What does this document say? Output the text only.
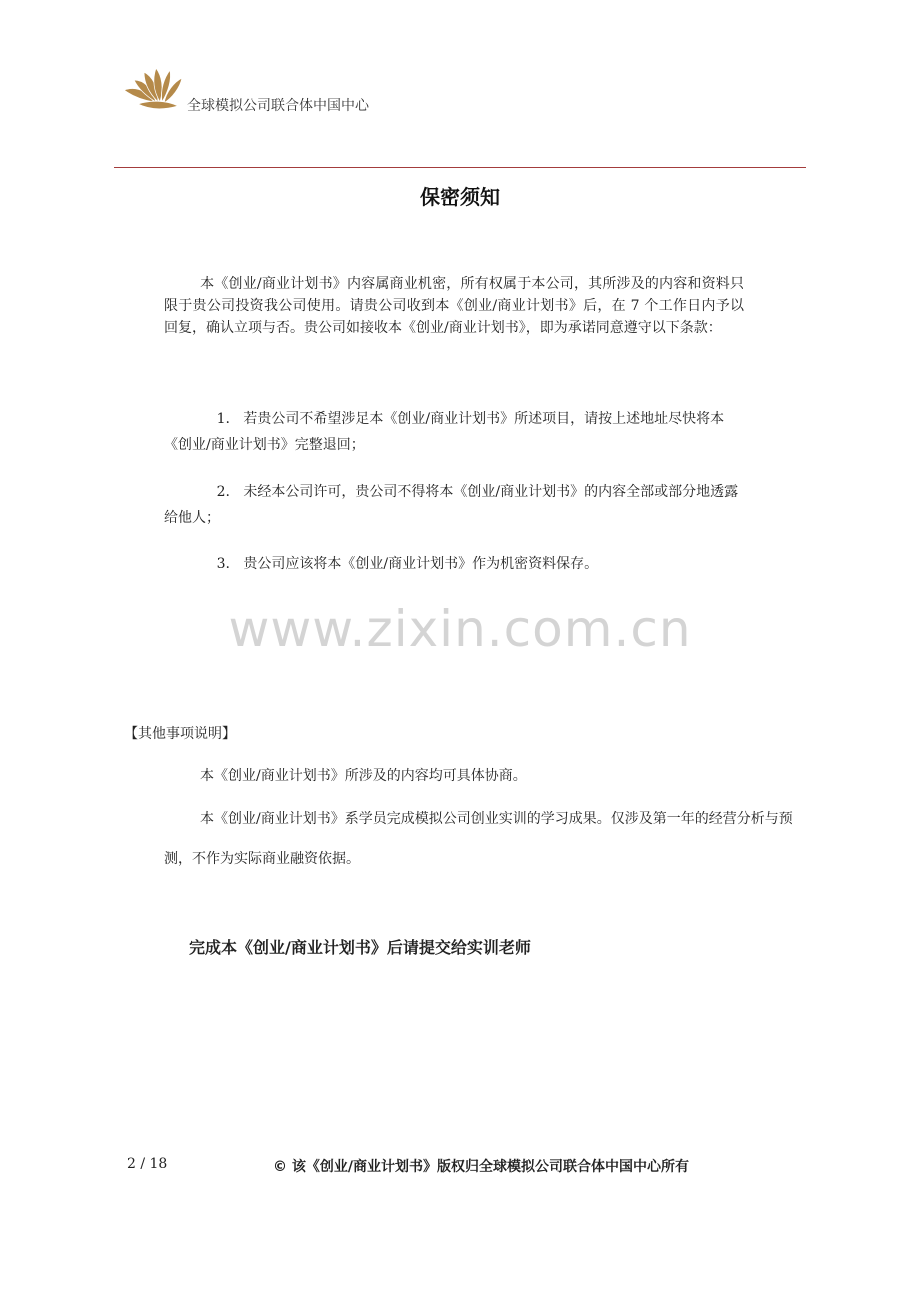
全球模拟公司联合体中国中心
保密须知

本《创业/商业计划书》内容属商业机密，所有权属于本公司，其所涉及的内容和资料只限于贵公司投资我公司使用。请贵公司收到本《创业/商业计划书》后，在 7 个工作日内予以回复，确认立项与否。贵公司如接收本《创业/商业计划书》，即为承诺同意遵守以下条款：

1. 若贵公司不希望涉足本《创业/商业计划书》所述项目，请按上述地址尽快将本《创业/商业计划书》完整退回；

2. 未经本公司许可，贵公司不得将本《创业/商业计划书》的内容全部或部分地透露给他人；

3. 贵公司应该将本《创业/商业计划书》作为机密资料保存。

www.zixin.com.cn
【其他事项说明】

本《创业/商业计划书》所涉及的内容均可具体协商。

本《创业/商业计划书》系学员完成模拟公司创业实训的学习成果。仅涉及第一年的经营分析与预测，不作为实际商业融资依据。

完成本《创业/商业计划书》后请提交给实训老师
2 / 18	© 该《创业/商业计划书》版权归全球模拟公司联合体中国中心所有
